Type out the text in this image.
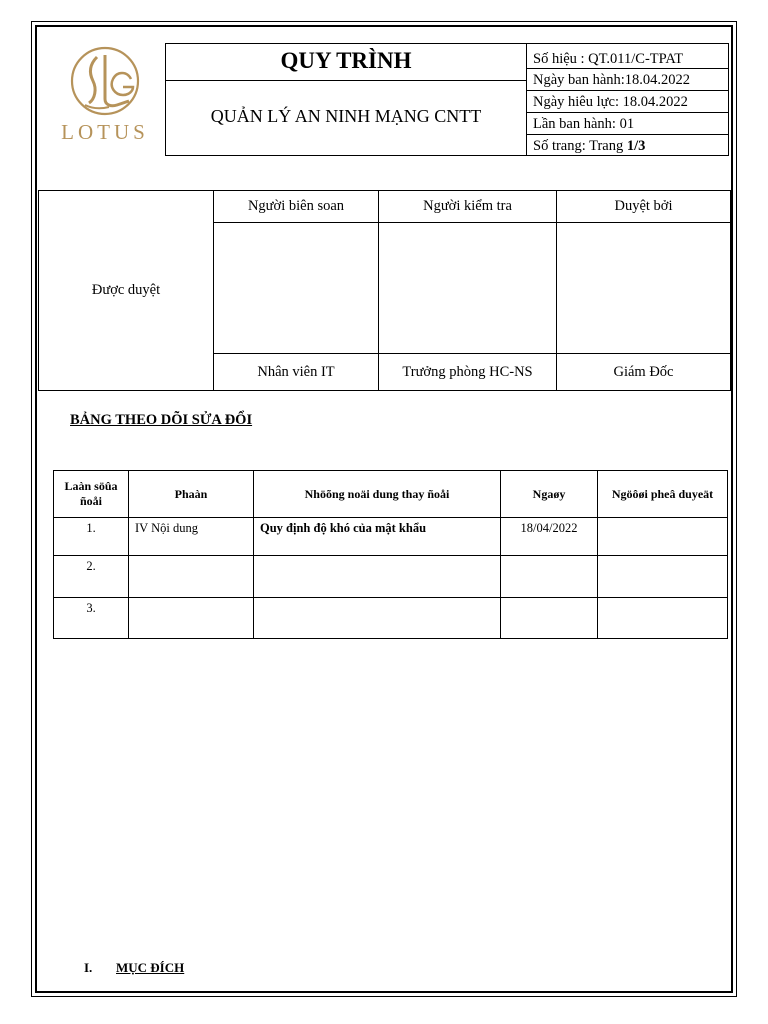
LOTUS
QUY TRÌNH
QUẢN LÝ AN NINH MẠNG CNTT
Số hiệu : QT.011/C-TPAT
Ngày ban hành:18.04.2022
Ngày hiêu lực: 18.04.2022
Lần ban hành: 01
Số trang: Trang 1/3
Được duyệt	Người biên soan	Người kiểm tra	Duyệt bởi

	Nhân viên IT	Trưởng phòng HC-NS	Giám Đốc
BẢNG THEO DÕI SỬA ĐỔI
Laàn söûa ñoåi	Phaàn	Nhöõng noäi dung thay ñoåi	Ngaøy	Ngöôøi pheâ duyeät
1.	IV Nội dung	Quy định độ khó của mật khẩu	18/04/2022	
2.				
3.				
I. MỤC ĐÍCH
